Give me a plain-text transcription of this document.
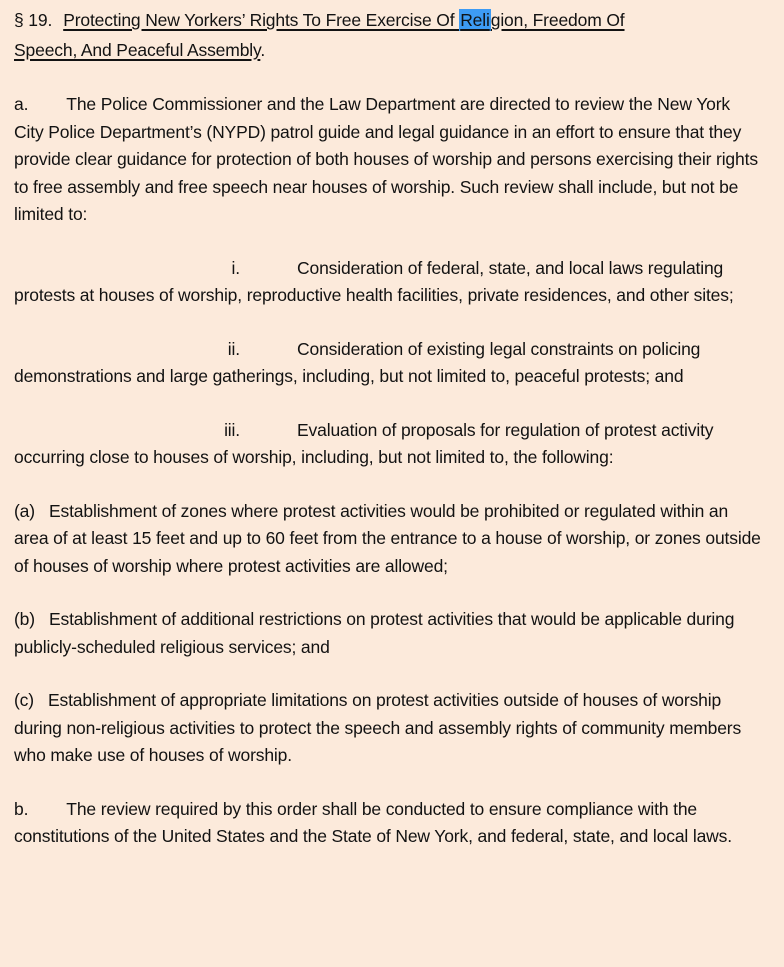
§ 19. Protecting New Yorkers’ Rights To Free Exercise Of Religion, Freedom Of
Speech, And Peaceful Assembly.

a. The Police Commissioner and the Law Department are directed to review the New York City Police Department’s (NYPD) patrol guide and legal guidance in an effort to ensure that they provide clear guidance for protection of both houses of worship and persons exercising their rights to free assembly and free speech near houses of worship. Such review shall include, but not be limited to:

i.	Consideration of federal, state, and local laws regulating protests at houses of worship, reproductive health facilities, private residences, and other sites;

ii.	Consideration of existing legal constraints on policing demonstrations and large gatherings, including, but not limited to, peaceful protests; and

iii.	Evaluation of proposals for regulation of protest activity occurring close to houses of worship, including, but not limited to, the following:

(a) Establishment of zones where protest activities would be prohibited or regulated within an area of at least 15 feet and up to 60 feet from the entrance to a house of worship, or zones outside of houses of worship where protest activities are allowed;

(b) Establishment of additional restrictions on protest activities that would be applicable during publicly-scheduled religious services; and

(c) Establishment of appropriate limitations on protest activities outside of houses of worship during non-religious activities to protect the speech and assembly rights of community members who make use of houses of worship.

b. The review required by this order shall be conducted to ensure compliance with the constitutions of the United States and the State of New York, and federal, state, and local laws.
